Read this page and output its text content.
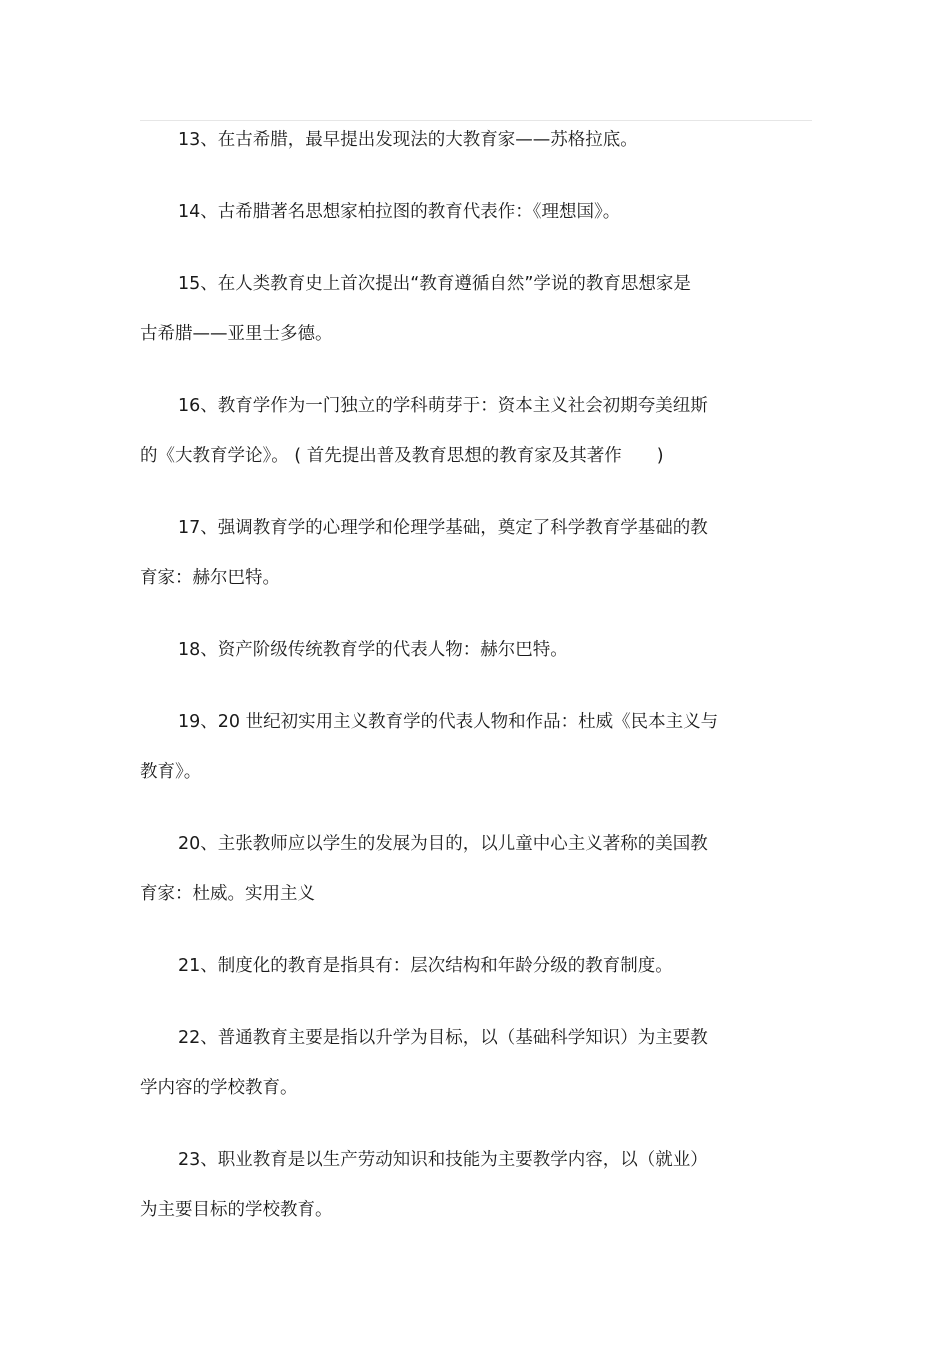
13、在古希腊，最早提出发现法的大教育家——苏格拉底。

14、古希腊著名思想家柏拉图的教育代表作：《理想国》。

15、在人类教育史上首次提出“教育遵循自然”学说的教育思想家是
古希腊——亚里士多德。

16、教育学作为一门独立的学科萌芽于：资本主义社会初期夸美纽斯
的《大教育学论》。 ( 首先提出普及教育思想的教育家及其著作　　)

17、强调教育学的心理学和伦理学基础，奠定了科学教育学基础的教
育家：赫尔巴特。

18、资产阶级传统教育学的代表人物：赫尔巴特。

19、20 世纪初实用主义教育学的代表人物和作品：杜威《民本主义与
教育》。

20、主张教师应以学生的发展为目的，以儿童中心主义著称的美国教
育家：杜威。实用主义

21、制度化的教育是指具有：层次结构和年龄分级的教育制度。

22、普通教育主要是指以升学为目标，以（基础科学知识）为主要教
学内容的学校教育。

23、职业教育是以生产劳动知识和技能为主要教学内容，以（就业）
为主要目标的学校教育。
